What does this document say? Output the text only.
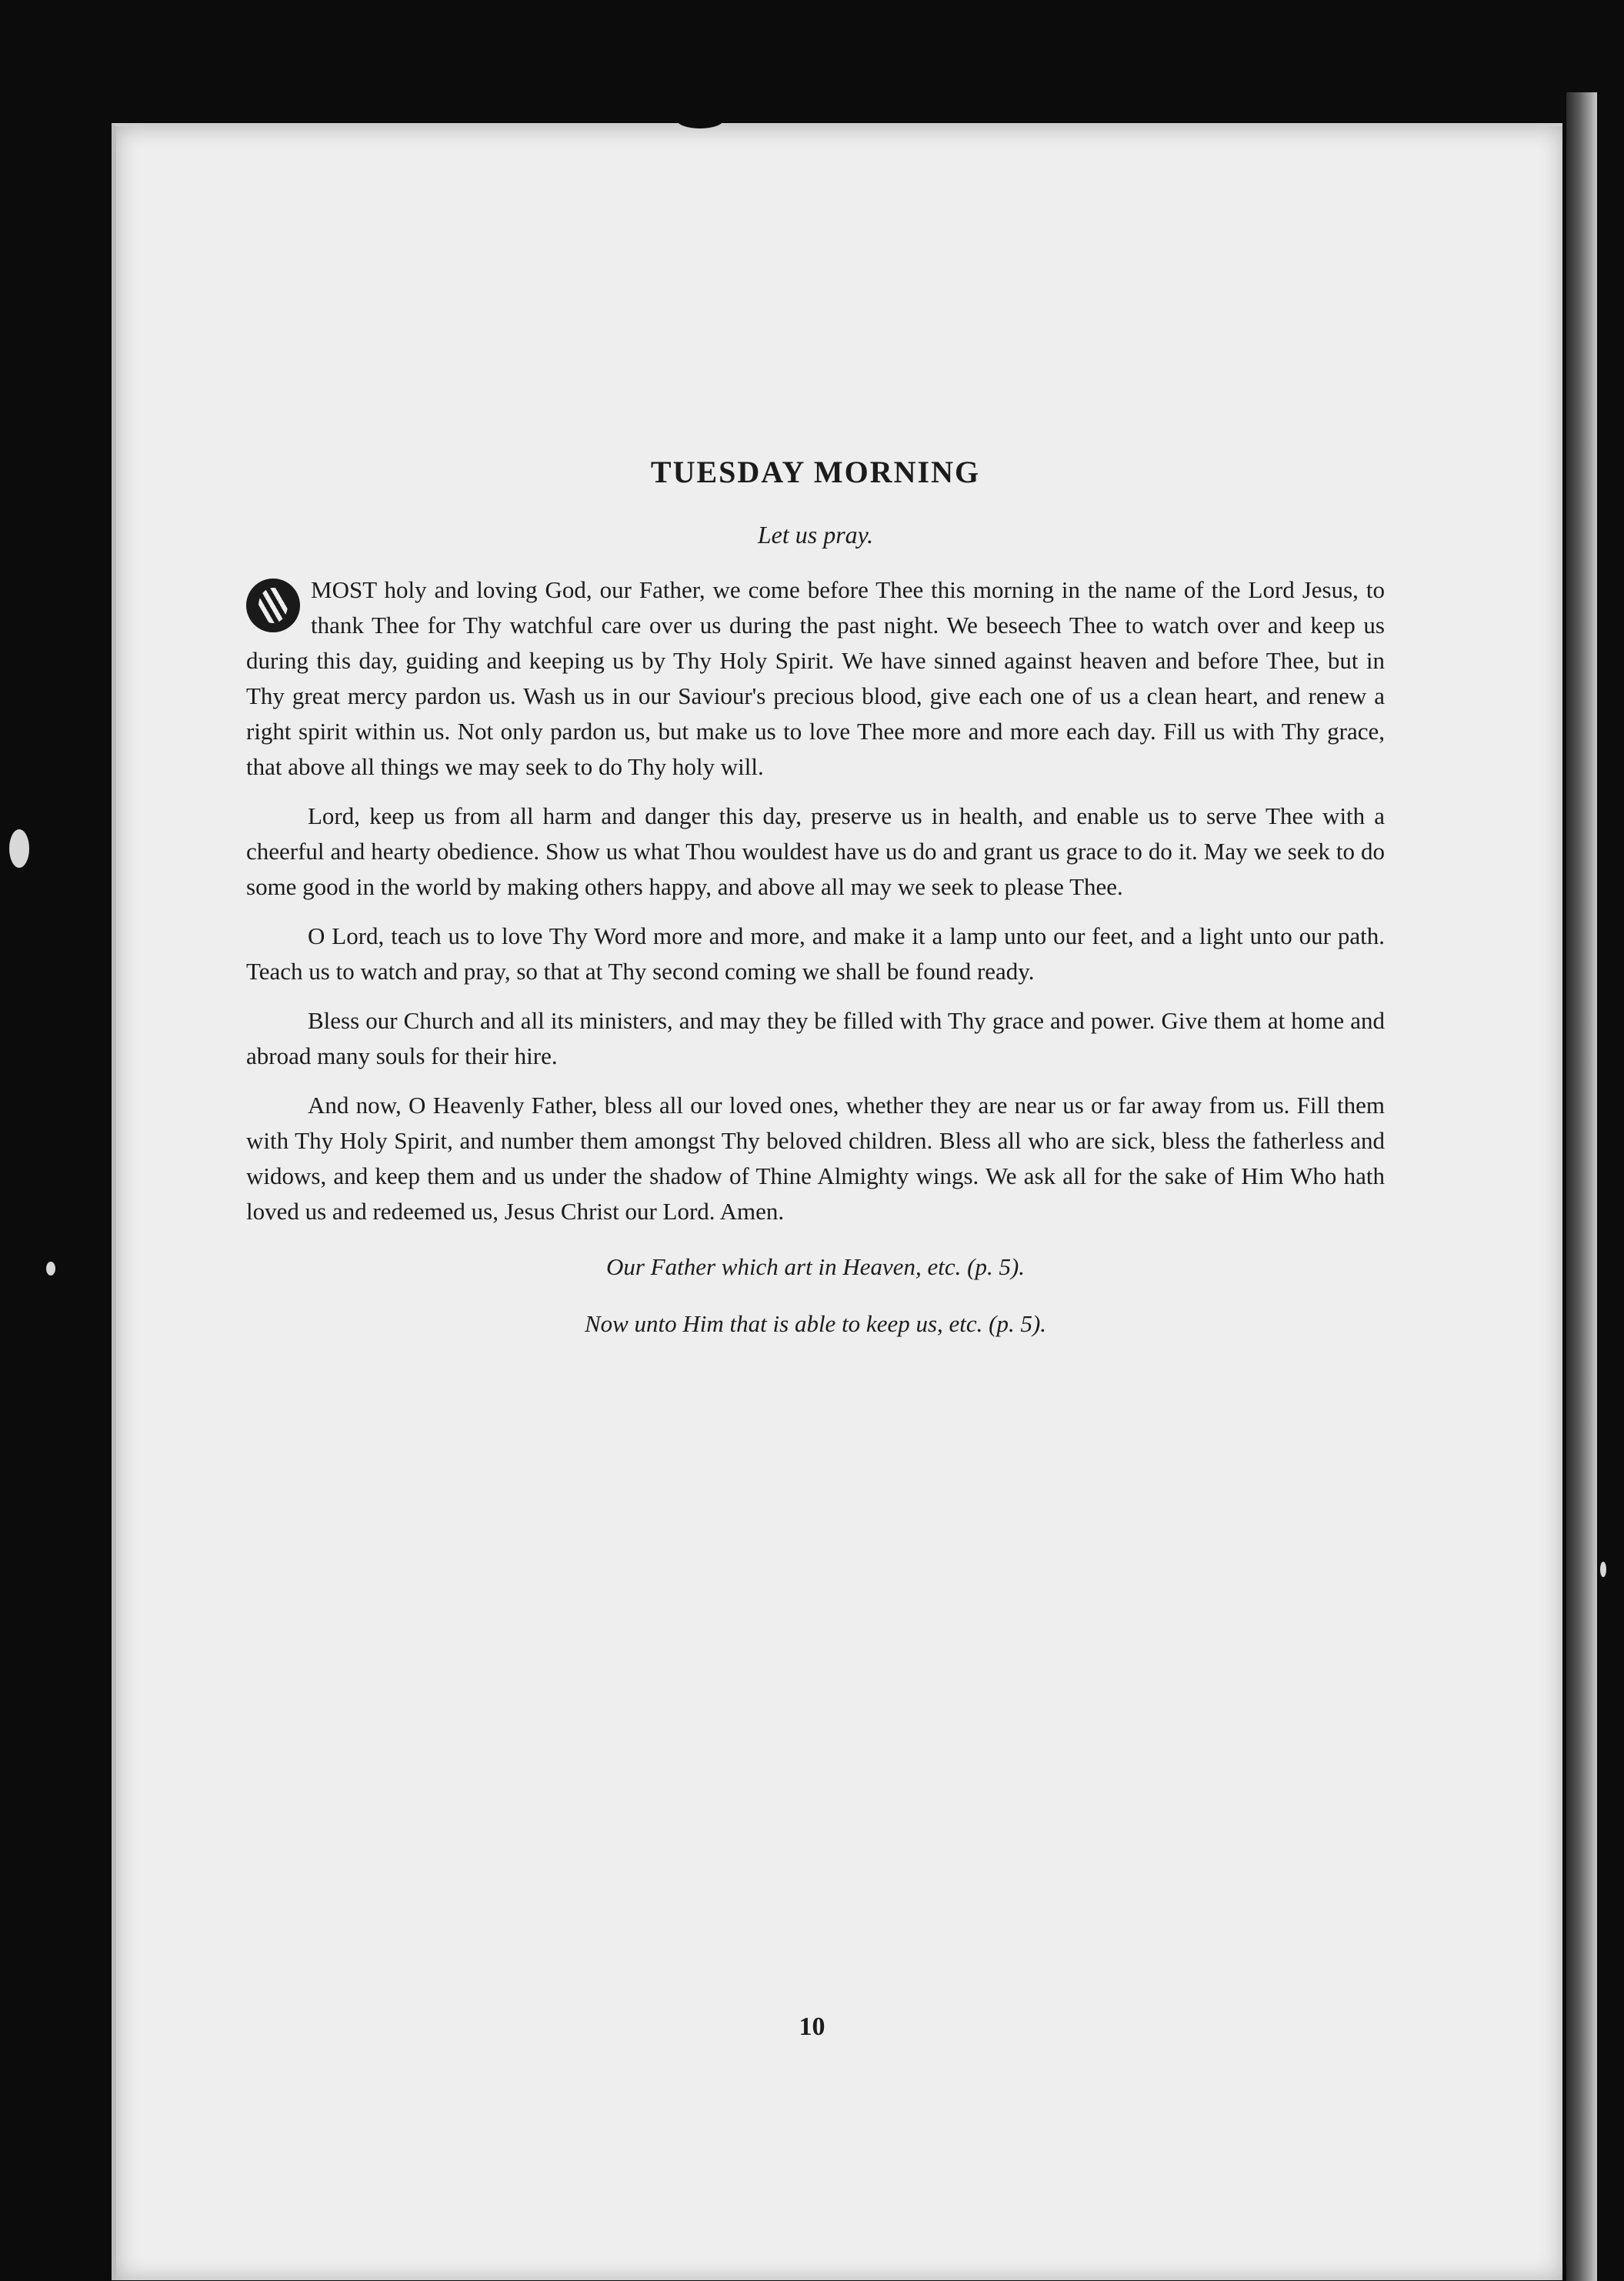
TUESDAY MORNING
Let us pray.

MOST holy and loving God, our Father, we come before Thee this morning in the name of the Lord Jesus, to thank Thee for Thy watchful care over us during the past night. We beseech Thee to watch over and keep us during this day, guiding and keeping us by Thy Holy Spirit. We have sinned against heaven and before Thee, but in Thy great mercy pardon us. Wash us in our Saviour's precious blood, give each one of us a clean heart, and renew a right spirit within us. Not only pardon us, but make us to love Thee more and more each day. Fill us with Thy grace, that above all things we may seek to do Thy holy will.

Lord, keep us from all harm and danger this day, preserve us in health, and enable us to serve Thee with a cheerful and hearty obedience. Show us what Thou wouldest have us do and grant us grace to do it. May we seek to do some good in the world by making others happy, and above all may we seek to please Thee.

O Lord, teach us to love Thy Word more and more, and make it a lamp unto our feet, and a light unto our path. Teach us to watch and pray, so that at Thy second coming we shall be found ready.

Bless our Church and all its ministers, and may they be filled with Thy grace and power. Give them at home and abroad many souls for their hire.

And now, O Heavenly Father, bless all our loved ones, whether they are near us or far away from us. Fill them with Thy Holy Spirit, and number them amongst Thy beloved children. Bless all who are sick, bless the fatherless and widows, and keep them and us under the shadow of Thine Almighty wings. We ask all for the sake of Him Who hath loved us and redeemed us, Jesus Christ our Lord. Amen.

Our Father which art in Heaven, etc. (p. 5).
Now unto Him that is able to keep us, etc. (p. 5).
10
